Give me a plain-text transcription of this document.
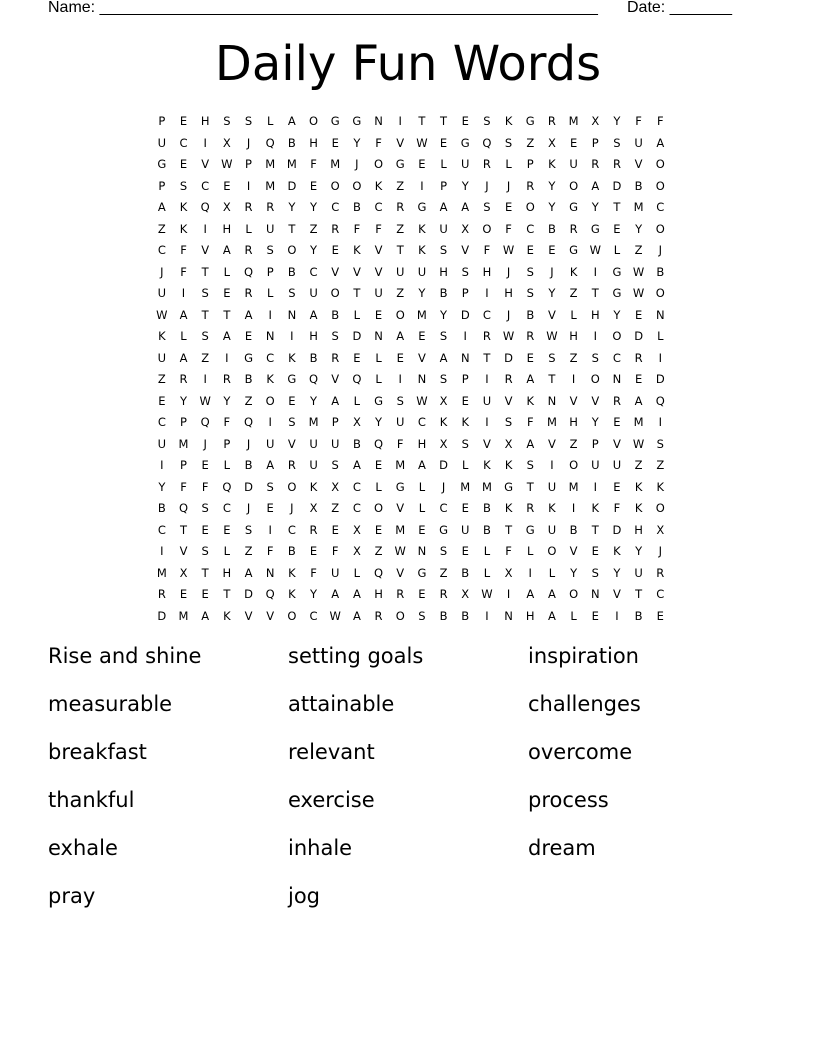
Name: ________________________________________________________ Date: _______
Daily Fun Words
P	E	H	S	S	L	A	O	G	G	N	I	T	T	E	S	K	G	R	M	X	Y	F	F
U	C	I	X	J	Q	B	H	E	Y	F	V	W	E	G	Q	S	Z	X	E	P	S	U	A
G	E	V	W	P	M	M	F	M	J	O	G	E	L	U	R	L	P	K	U	R	R	V	O
P	S	C	E	I	M	D	E	O	O	K	Z	I	P	Y	J	J	R	Y	O	A	D	B	O
A	K	Q	X	R	R	Y	Y	C	B	C	R	G	A	A	S	E	O	Y	G	Y	T	M	C
Z	K	I	H	L	U	T	Z	R	F	F	Z	K	U	X	O	F	C	B	R	G	E	Y	O
C	F	V	A	R	S	O	Y	E	K	V	T	K	S	V	F	W	E	E	G	W	L	Z	J
J	F	T	L	Q	P	B	C	V	V	V	U	U	H	S	H	J	S	J	K	I	G	W	B
U	I	S	E	R	L	S	U	O	T	U	Z	Y	B	P	I	H	S	Y	Z	T	G	W O
W	A	T	T	A	I	N	A	B	L	E	O	M	Y	D	C	J	B	V	L	H	Y	E	N
K	L	S	A	E	N	I	H	S	D	N	A	E	S	I	R	W	R	W	H	I	O	D	L
U	A	Z	I	G	C	K	B	R	E	L	E	V	A	N	T	D	E	S	Z	S	C	R	I
Z	R	I	R	B	K	G	Q	V	Q	L	I	N	S	P	I	R	A	T	I	O	N	E	D
E	Y	W	Y	Z	O	E	Y	A	L	G	S	W	X	E	U	V	K	N	V	V	R	A	Q
C	P	Q	F	Q	I	S	M	P	X	Y	U	C	K	K	I	S	F	M	H	Y	E	M	I
U	M	J	P	J	U	V	U	U	B	Q	F	H	X	S	V	X	A	V	Z	P	V	W	S
I	P	E	L	B	A	R	U	S	A	E	M	A	D	L	K	K	S	I	O	U	U	Z	Z
Y	F	F	Q	D	S	O	K	X	C	L	G	L	J	M	M	G	T	U	M	I	E	K	K
B	Q	S	C	J	E	J	X	Z	C	O	V	L	C	E	B	K	R	K	I	K	F	K	O
C	T	E	E	S	I	C	R	E	X	E	M	E	G	U	B	T	G	U	B	T	D	H	X
I	V	S	L	Z	F	B	E	F	X	Z	W	N	S	E	L	F	L	O	V	E	K	Y	J
M	X	T	H	A	N	K	F	U	L	Q	V	G	Z	B	L	X	I	L	Y	S	Y	U	R
R	E	E	T	D	Q	K	Y	A	A	H	R	E	R	X	W	I	A	A	O	N	V	T	C
D	M	A	K	V	V	O	C	W	A	R	O	S	B	B	I	N	H	A	L	E	I	B	E
Rise and shine	setting goals	inspiration
measurable	attainable	challenges
breakfast	relevant	overcome
thankful	exercise	process
exhale	inhale	dream
pray	jog
